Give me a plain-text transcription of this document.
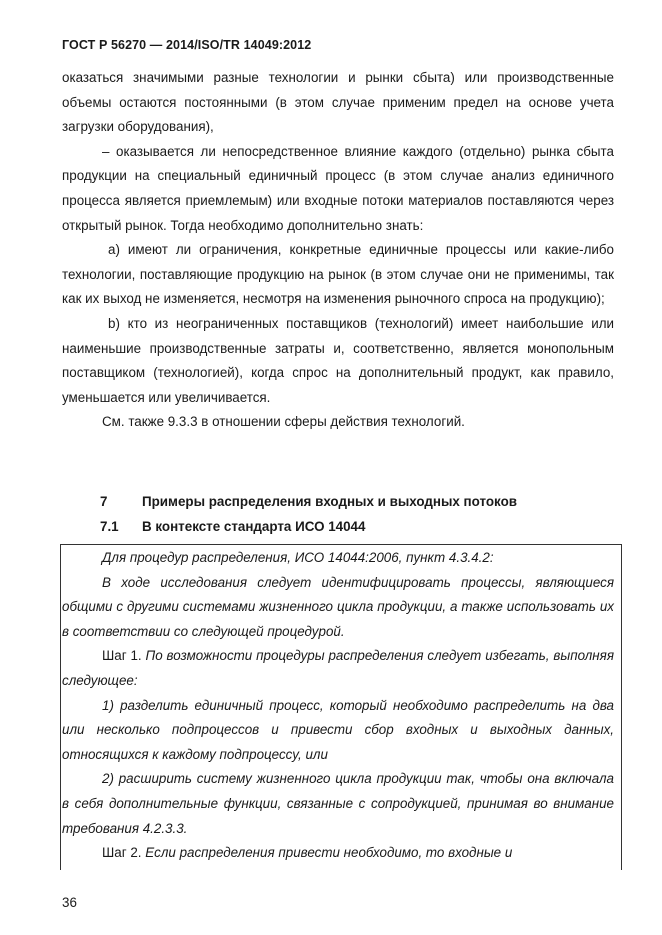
ГОСТ Р 56270 — 2014/ISO/TR 14049:2012

оказаться значимыми разные технологии и рынки сбыта) или производственные объемы остаются постоянными (в этом случае применим предел на основе учета загрузки оборудования),

– оказывается ли непосредственное влияние каждого (отдельно) рынка сбыта продукции на специальный единичный процесс (в этом случае анализ единичного процесса является приемлемым) или входные потоки материалов поставляются через открытый рынок. Тогда необходимо дополнительно знать:

a) имеют ли ограничения, конкретные единичные процессы или какие-либо технологии, поставляющие продукцию на рынок (в этом случае они не применимы, так как их выход не изменяется, несмотря на изменения рыночного спроса на продукцию);

b) кто из неограниченных поставщиков (технологий) имеет наибольшие или наименьшие производственные затраты и, соответственно, является монопольным поставщиком (технологией), когда спрос на дополнительный продукт, как правило, уменьшается или увеличивается.

См. также 9.3.3 в отношении сферы действия технологий.

7	Примеры распределения входных и выходных потоков
7.1 В контексте стандарта ИСО 14044

Для процедур распределения, ИСО 14044:2006, пункт 4.3.4.2:

В ходе исследования следует идентифицировать процессы, являющиеся общими с другими системами жизненного цикла продукции, а также использовать их в соответствии со следующей процедурой.

Шаг 1. По возможности процедуры распределения следует избегать, выполняя следующее:

1) разделить единичный процесс, который необходимо распределить на два или несколько подпроцессов и привести сбор входных и выходных данных, относящихся к каждому подпроцессу, или

2) расширить систему жизненного цикла продукции так, чтобы она включала в себя дополнительные функции, связанные с сопродукцией, принимая во внимание требования 4.2.3.3.

Шаг 2. Если распределения привести необходимо, то входные и

36
